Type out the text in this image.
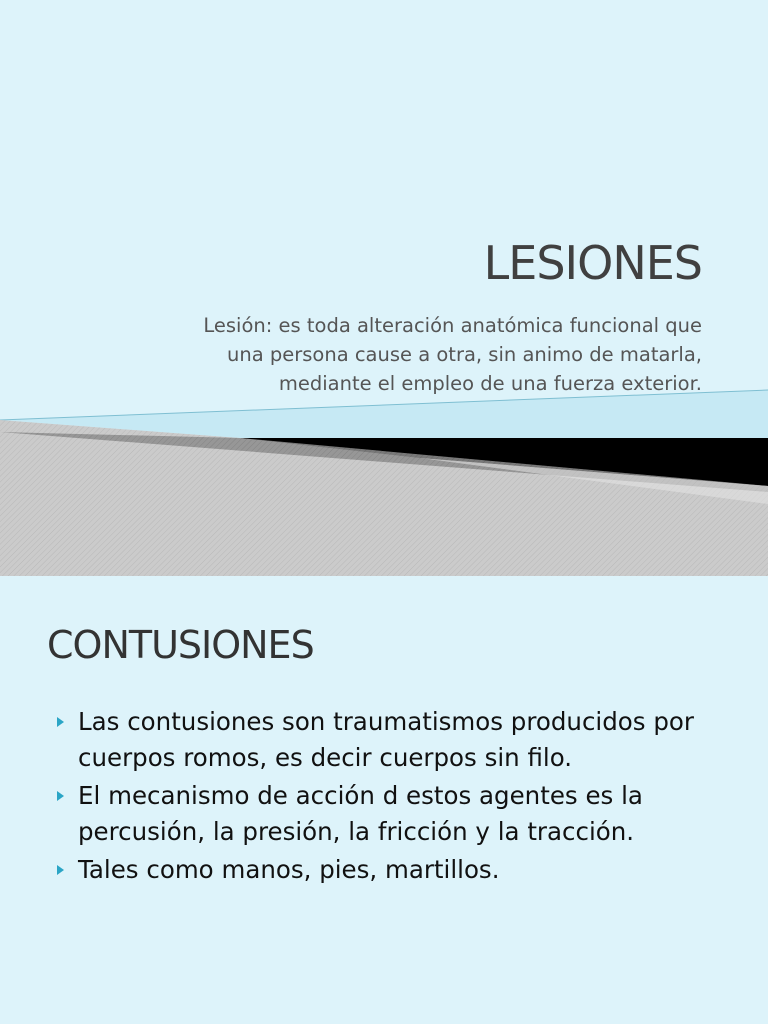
LESIONES

Lesión: es toda alteración anatómica funcional que
una persona cause a otra, sin animo de matarla,
mediante el empleo de una fuerza exterior.

CONTUSIONES
Las contusiones son traumatismos producidos por cuerpos romos, es decir cuerpos sin filo.
El mecanismo de acción d estos agentes es la percusión, la presión, la fricción y la tracción.
Tales como manos, pies, martillos.
